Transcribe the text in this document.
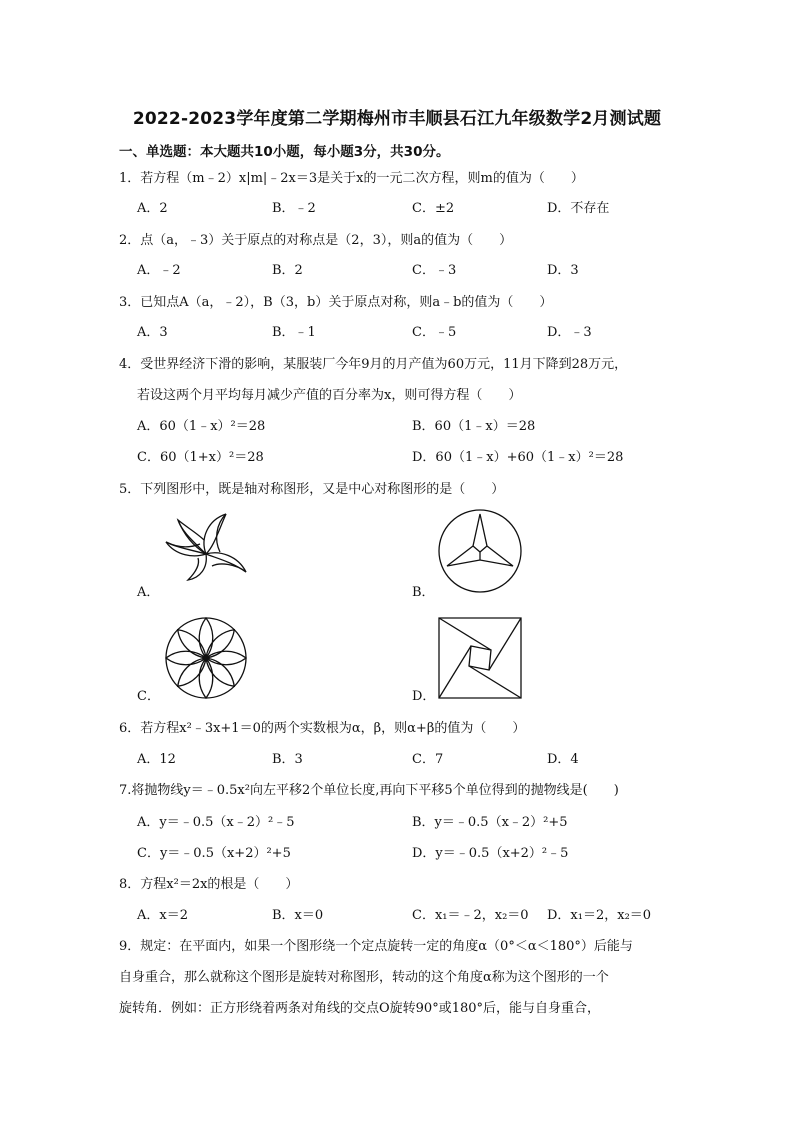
2022-2023学年度第二学期梅州市丰顺县石江九年级数学2月测试题
一、单选题：本大题共10小题，每小题3分，共30分。
1．若方程（m﹣2）x|m|﹣2x＝3是关于x的一元二次方程，则m的值为（　　）
A．2	B．﹣2	C．±2	D．不存在
2．点（a，﹣3）关于原点的对称点是（2，3），则a的值为（　　）
A．﹣2	B．2	C．﹣3	D．3
3．已知点A（a，﹣2），B（3，b）关于原点对称，则a﹣b的值为（　　）
A．3	B．﹣1	C．﹣5	D．﹣3
4．受世界经济下滑的影响，某服装厂今年9月的月产值为60万元，11月下降到28万元，
若设这两个月平均每月减少产值的百分率为x，则可得方程（　　）
A．60（1﹣x）²＝28	B．60（1﹣x）＝28
C．60（1+x）²＝28	D．60（1﹣x）+60（1﹣x）²＝28
5．下列图形中，既是轴对称图形，又是中心对称图形的是（　　）
A．	B．
C．	D．
6．若方程x²﹣3x+1＝0的两个实数根为α，β，则α+β的值为（　　）
A．12	B．3	C．7	D．4
7.将抛物线y＝﹣0.5x²向左平移2个单位长度,再向下平移5个单位得到的抛物线是(　　)
A．y＝﹣0.5（x﹣2）²﹣5	B．y＝﹣0.5（x﹣2）²+5
C．y＝﹣0.5（x+2）²+5	D．y＝﹣0.5（x+2）²﹣5
8．方程x²＝2x的根是（　　）
A．x＝2	B．x＝0	C．x₁＝﹣2，x₂＝0 D．x₁＝2，x₂＝0
9．规定：在平面内，如果一个图形绕一个定点旋转一定的角度α（0°＜α＜180°）后能与
自身重合，那么就称这个图形是旋转对称图形，转动的这个角度α称为这个图形的一个
旋转角．例如：正方形绕着两条对角线的交点O旋转90°或180°后，能与自身重合，
